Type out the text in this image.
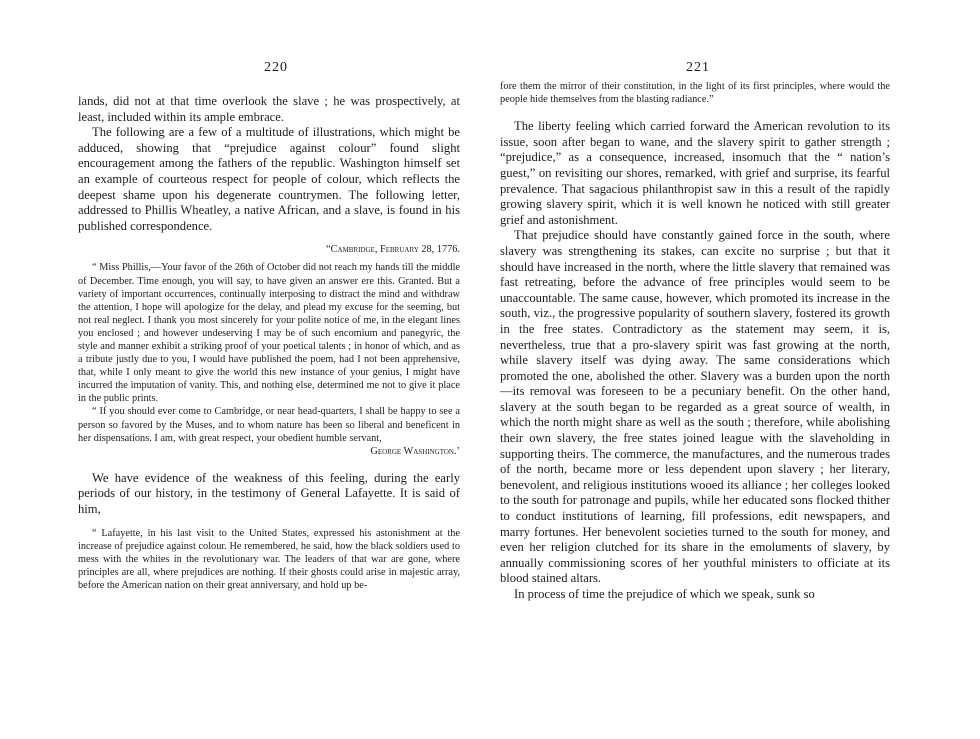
220

lands, did not at that time overlook the slave ; he was prospectively, at least, included within its ample embrace.

The following are a few of a multitude of illustrations, which might be adduced, showing that “prejudice against colour” found slight encouragement among the fathers of the republic. Washington himself set an example of courteous respect for people of colour, which reflects the deepest shame upon his degenerate countrymen. The following letter, addressed to Phillis Wheatley, a native African, and a slave, is found in his published correspondence.

“Cambridge, February 28, 1776.

“ Miss Phillis,—Your favor of the 26th of October did not reach my hands till the middle of December. Time enough, you will say, to have given an answer ere this. Granted. But a variety of important occurrences, continually interposing to distract the mind and withdraw the attention, I hope will apologize for the delay, and plead my excuse for the seeming, but not real neglect. I thank you most sincerely for your polite notice of me, in the elegant lines you enclosed ; and however undeserving I may be of such encomium and panegyric, the style and manner exhibit a striking proof of your poetical talents ; in honor of which, and as a tribute justly due to you, I would have published the poem, had I not been apprehensive, that, while I only meant to give the world this new instance of your genius, I might have incurred the imputation of vanity. This, and nothing else, determined me not to give it place in the public prints.

“ If you should ever come to Cambridge, or near head-quarters, I shall be happy to see a person so favored by the Muses, and to whom nature has been so liberal and beneficent in her dispensations. I am, with great respect, your obedient humble servant,

George Washington.’

We have evidence of the weakness of this feeling, during the early periods of our history, in the testimony of General Lafayette. It is said of him,

“ Lafayette, in his last visit to the United States, expressed his astonishment at the increase of prejudice against colour. He remembered, he said, how the black soldiers used to mess with the whites in the revolutionary war. The leaders of that war are gone, where principles are all, where prejudices are nothing. If their ghosts could arise in majestic array, before the American nation on their great anniversary, and hold up be-

221

fore them the mirror of their constitution, in the light of its first principles, where would the people hide themselves from the blasting radiance.”

The liberty feeling which carried forward the American revolution to its issue, soon after began to wane, and the slavery spirit to gather strength ; “prejudice,” as a consequence, increased, insomuch that the “ nation’s guest,” on revisiting our shores, remarked, with grief and surprise, its fearful prevalence. That sagacious philanthropist saw in this a result of the rapidly growing slavery spirit, which it is well known he noticed with still greater grief and astonishment.

That prejudice should have constantly gained force in the south, where slavery was strengthening its stakes, can excite no surprise ; but that it should have increased in the north, where the little slavery that remained was fast retreating, before the advance of free principles would seem to be unaccountable. The same cause, however, which promoted its increase in the south, viz., the progressive popularity of southern slavery, fostered its growth in the free states. Contradictory as the statement may seem, it is, nevertheless, true that a pro-slavery spirit was fast growing at the north, while slavery itself was dying away. The same considerations which promoted the one, abolished the other. Slavery was a burden upon the north—its removal was foreseen to be a pecuniary benefit. On the other hand, slavery at the south began to be regarded as a great source of wealth, in which the north might share as well as the south ; therefore, while abolishing their own slavery, the free states joined league with the slaveholding in supporting theirs. The commerce, the manufactures, and the numerous trades of the north, became more or less dependent upon slavery ; her literary, benevolent, and religious institutions wooed its alliance ; her colleges looked to the south for patronage and pupils, while her educated sons flocked thither to conduct institutions of learning, fill professions, edit newspapers, and marry fortunes. Her benevolent societies turned to the south for money, and even her religion clutched for its share in the emoluments of slavery, by annually commissioning scores of her youthful ministers to officiate at its blood stained altars.

In process of time the prejudice of which we speak, sunk so
